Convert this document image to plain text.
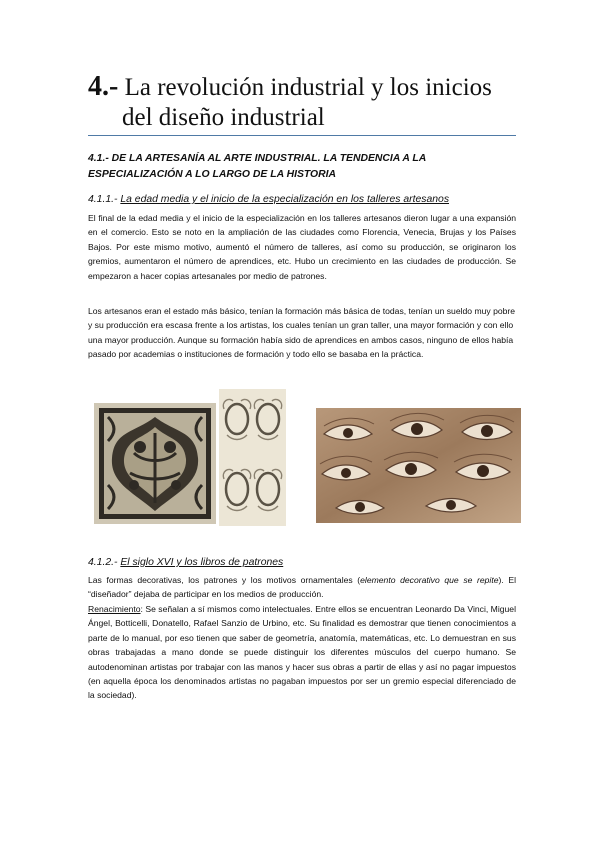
4.- La revolución industrial y los inicios
del diseño industrial
4.1.- DE LA ARTESANÍA AL ARTE INDUSTRIAL. LA TENDENCIA A LA
ESPECIALIZACIÓN A LO LARGO DE LA HISTORIA
4.1.1.- La edad media y el inicio de la especialización en los talleres artesanos
El final de la edad media y el inicio de la especialización en los talleres artesanos dieron lugar a una expansión en el comercio. Esto se noto en la ampliación de las ciudades como Florencia, Venecia, Brujas y los Países Bajos. Por este mismo motivo, aumentó el número de talleres, así como su producción, se originaron los gremios, aumentaron el número de aprendices, etc. Hubo un crecimiento en las ciudades de producción. Se empezaron a hacer copias artesanales por medio de patrones.
Los artesanos eran el estado más básico, tenían la formación más básica de todas, tenían un sueldo muy pobre y su producción era escasa frente a los artistas, los cuales tenían un gran taller, una mayor formación y con ello una mayor producción. Aunque su formación había sido de aprendices en ambos casos, ninguno de ellos había pasado por academias o instituciones de formación y todo ello se basaba en la práctica.
4.1.2.- El siglo XVI y los libros de patrones
Las formas decorativas, los patrones y los motivos ornamentales (elemento decorativo que se repite). El “diseñador” dejaba de participar en los medios de producción.
Renacimiento: Se señalan a sí mismos como intelectuales. Entre ellos se encuentran Leonardo Da Vinci, Miguel Ángel, Botticelli, Donatello, Rafael Sanzio de Urbino, etc. Su finalidad es demostrar que tienen conocimientos a parte de lo manual, por eso tienen que saber de geometría, anatomía, matemáticas, etc. Lo demuestran en sus obras trabajadas a mano donde se puede distinguir los diferentes músculos del cuerpo humano. Se autodenominan artistas por trabajar con las manos y hacer sus obras a partir de ellas y así no pagar impuestos (en aquella época los denominados artistas no pagaban impuestos por ser un gremio especial diferenciado de la sociedad).
